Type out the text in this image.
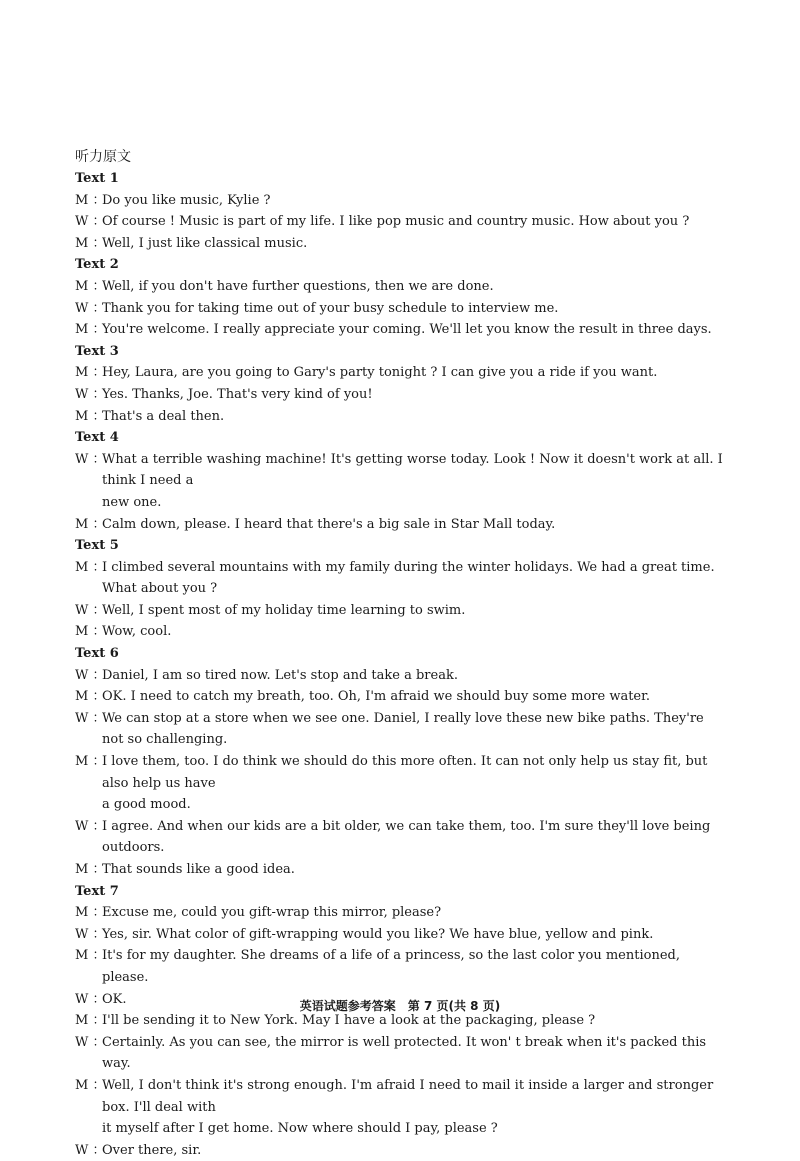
听力原文
Text 1
M ：
Do you like music, Kylie ?
W ：
Of course ! Music is part of my life. I like pop music and country music. How about you ?
M ：
Well, I just like classical music.
Text 2
M ：
Well, if you don't have further questions, then we are done.
W ：
Thank you for taking time out of your busy schedule to interview me.
M ：
You're welcome. I really appreciate your coming. We'll let you know the result in three days.
Text 3
M ：
Hey, Laura, are you going to Gary's party tonight ? I can give you a ride if you want.
W ：
Yes. Thanks, Joe. That's very kind of you!
M ：
That's a deal then.
Text 4
W ：
What a terrible washing machine! It's getting worse today. Look ! Now it doesn't work at all. I think I need a
new one.
M ：
Calm down, please. I heard that there's a big sale in Star Mall today.
Text 5
M ：
I climbed several mountains with my family during the winter holidays. We had a great time. What about you ?
W ：
Well, I spent most of my holiday time learning to swim.
M ：
Wow, cool.
Text 6
W ：
Daniel, I am so tired now. Let's stop and take a break.
M ：
OK. I need to catch my breath, too. Oh, I'm afraid we should buy some more water.
W ：
We can stop at a store when we see one. Daniel, I really love these new bike paths. They're not so challenging.
M ：
I love them, too. I do think we should do this more often. It can not only help us stay fit, but also help us have
a good mood.
W ：
I agree. And when our kids are a bit older, we can take them, too. I'm sure they'll love being outdoors.
M ：
That sounds like a good idea.
Text 7
M ：
Excuse me, could you gift-wrap this mirror, please?
W ：
Yes, sir. What color of gift-wrapping would you like? We have blue, yellow and pink.
M ：
It's for my daughter. She dreams of a life of a princess, so the last color you mentioned, please.
W ：
OK.
M ：
I'll be sending it to New York. May I have a look at the packaging, please ?
W ：
Certainly. As you can see, the mirror is well protected. It won' t break when it's packed this way.
M ：
Well, I don't think it's strong enough. I'm afraid I need to mail it inside a larger and stronger box. I'll deal with
it myself after I get home. Now where should I pay, please ?
W ：
Over there, sir.
英语试题参考答案　第 7 页(共 8 页)
